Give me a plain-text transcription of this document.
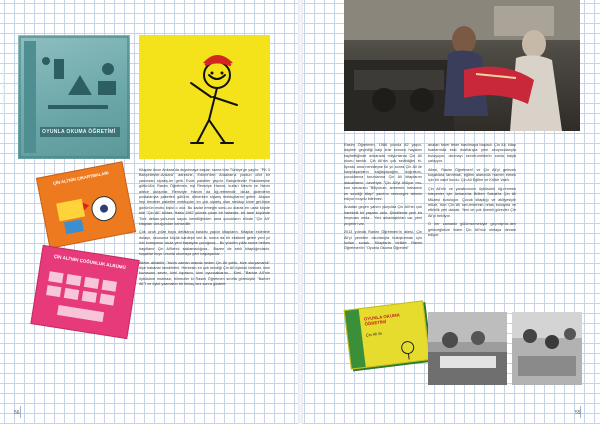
OYUNLA OKUMA ÖĞRETİMİ
ÇOCUKLAR İÇİN OKUMA KİTABI
ÇİN ALİ'NİN ÇIKARTMALARI
ÇİN ALİ'NİN ÇOĞUNLUK ALBÜMÜ

Kitaplar önce Ankara'da duyulmaya başlar, sonra tüm Türkiye'ye yayılır. "PK 3 Bahçelievler-Ankara" adresine, Edirne'den Ardahan'a yurdun dört bir yanından sipariş-ler gelir. Evde paketler yapılır. Bahçelievler Postanesine götürülür. Rasim Öğretmen, eşi Remziye Hanım, kızları Nesrin ve Nevin ailece çalışırlar. Remziye Hanım da öğ-retmendir, okula gidenlerin postalarıyla paketleri götürür, dönerken sipariş mektuplarını getirir. Akşam hep beraber paketler mektuplar, en çok sipariş olan mektup kime gel-tiyse gününün mutlu kişisi o olur. Bu kadar emeğin sonu-cu olarak en uzak köyde bile "Çin Ali" biliner. Hatta 1987 yılında çıkan bir haberde, bir tane köyünde Türk dekan-yonunun sayısı kendiliğinden ama çocukların elinde "Çin Ali" kitapları olduğundan bahsedilir.

Çok uzun yıllar boyu defalarca baskısı yapılır kitapların. Kitaplar eldenele dolaşır, okunurca küçük kardeşe veri-lir, sonra da bir eksikine geleri yeni yıl icin komşunun okula yeni başlayan çocuğuna... Bu yüzden yıllar sonra herkes hayıflanır Çin Ali'lerini saklamadığına... Bazen de artık kitaplığındadır, kuşaklar boyu onunla okumaya yeni başlayanlar...

Aileler atılabilir; "bizim zaman manda neden Çin Ali yoktu, bize okuyamadık" diye bakarlar kendilerini. Herkesin en çok sevdiği Çin Ali öyküsü farklıdır, kimi kuzusunu sever, kimi topasını, kimi oyuncaklarını... Kimi, "Barbar Ali"nin öyküsüne mutmazı; bilmezler ki Rasim Öğretmen sınıfta görmüştür "Barber Ali"'i ve öykü yazmaktır bir birkaç kez sonra gösterir.

56

Rasim Öğretmen, 1986 yılında 82 yaşın-dayken geçirdiği kalp krizi sonucu hayatını kaybettiğinde ankarada milyonlarca Çin Ali okuru tanıktı. Çin Ali'nin çok sevildiğini bi-liyordu ama neredeyse iki yıl sonra Çin Ali ile karşılaşanların sağlayacağını, doğrasını, çocuklarına torunlarına Çin Ali kitaplarını alacaklarını, özveriyle "Çin Ali'yi bilüyor mu-sun sorusunu "Biliyorum, annemin- babamın en sevdiği kitap" yanıtını verecegini tahmin ediyor muydu bilinmez.

Anadan geçen yanım yüzyılda Çin Ali'nin çok hareketli bir yaşamı oldu. Şimdilerde yeni bir heyecanı onda... Yeni arkadaşlıkları var, yeni projeleri var.

2013 yılında Rasim Öğretmen'in ailesi, Çin Ali'yi yeniden okurlarıyla buluşturmak için kolları sıvadı. Kitaplarla birlikte Rasim Öğretmen'in "Oyunla Okuma Öğretimi"

anaları teker teker basılmaya başladı. Çin Ali, kitap fuarlarında eski dostlarıyla yeni okuyucularıyla buluşuyor, okumayı sevdir-meklerin canla başla çalışıyor.

Ailesi, Rasim Öğretmen'i ve Çin Ali'yi gelecek kuşaklara tanıtmak, eğitim alanında hizmet etmek için bir vakıf kurdu: Çin Ali Eğitim ve Kültür Vakfı.

Çin Ali'nin ve yaratıcısının öyküsünü öğ-renmek isteyenler için Ankara'da Bülten Sokak'ta Çin Ali Müzesi kuruluyor. Çocuk kitaplığı ve atölyesiyle müze, tüm Çin Ali sev-enlerinin ortak buluşma ve etkinlik yeri olacak. Yeni ve çok önemli görevler Çin Ali'yi bekliyor.

O her zamanki gülümsemesiyle geçmişmiz-den geleceğimize bizim Çin Ali'mız olmaya devam ediyor.

OYUNLA OKUMA ÖĞRETİMİ
Çin Ali ile
55
